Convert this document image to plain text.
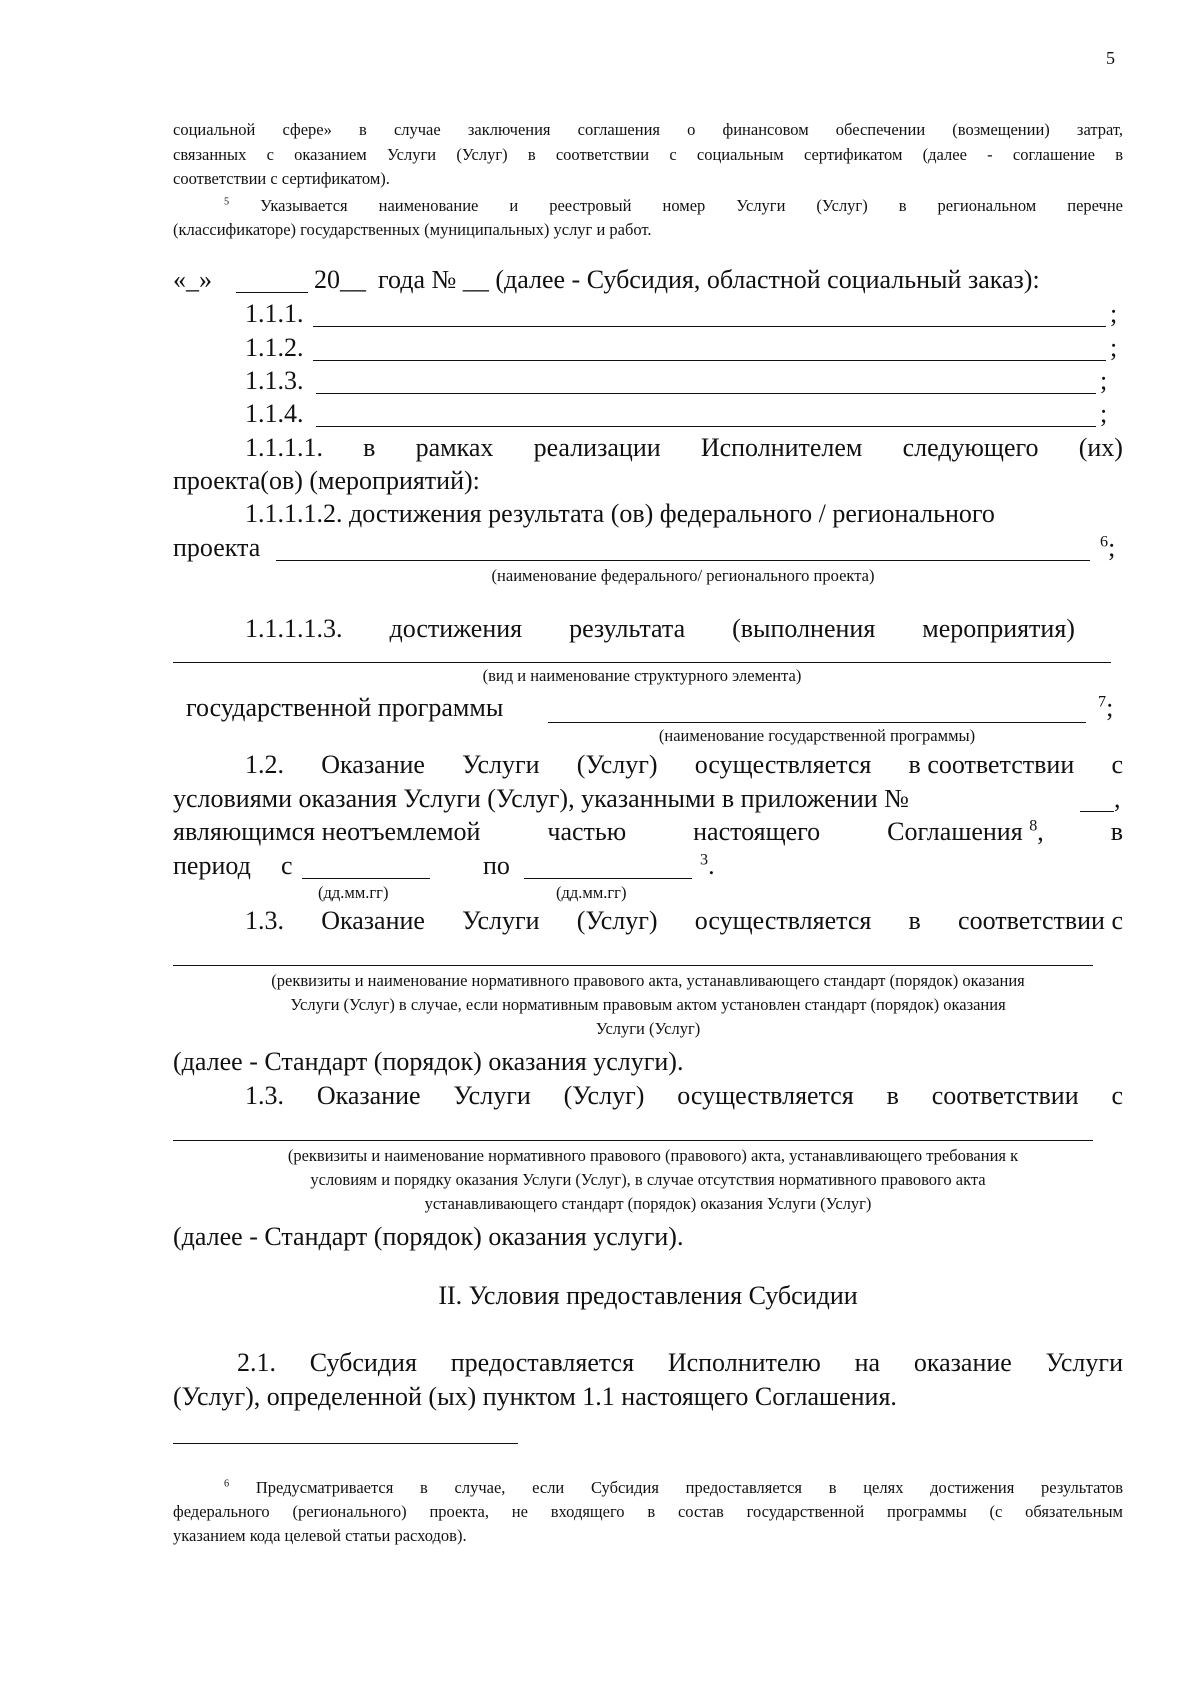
5
социальной сфере» в случае заключения соглашения о финансовом обеспечении (возмещении) затрат,
связанных с оказанием Услуги (Услуг) в соответствии с социальным сертификатом (далее - соглашение в
соответствии с сертификатом).
$^5$ Указывается наименование и реестровый номер Услуги (Услуг) в региональном перечне
(классификаторе) государственных (муниципальных) услуг и работ.
«_»	20__ года № __ (далее - Субсидия, областной социальный заказ):
1.1.1.	;
1.1.2.	;
1.1.3.	;
1.1.4.	;
1.1.1.1. в рамках реализации Исполнителем следующего (их)
проекта(ов) (мероприятий):
1.1.1.1.2. достижения результата (ов) федерального / регионального
проекта	$^6$;
(наименование федерального/ регионального проекта)
1.1.1.1.3. достижения результата (выполнения мероприятия)
(вид и наименование структурного элемента)
государственной программы	$^7$;
(наименование государственной программы)
1.2. Оказание Услуги (Услуг) осуществляется в соответствии с
условиями оказания Услуги (Услуг), указанными в приложении №	,
являющимся неотъемлемой	частью	настоящего	Соглашения $^8$,	в
период с	по	$^3$.
(дд.мм.гг)	(дд.мм.гг)
1.3. Оказание Услуги (Услуг) осуществляется в соответствии с
(реквизиты и наименование нормативного правового акта, устанавливающего стандарт (порядок) оказания
Услуги (Услуг) в случае, если нормативным правовым актом установлен стандарт (порядок) оказания
Услуги (Услуг)
(далее - Стандарт (порядок) оказания услуги).
1.3. Оказание Услуги (Услуг) осуществляется в соответствии с
(реквизиты и наименование нормативного правового (правового) акта, устанавливающего требования к
условиям и порядку оказания Услуги (Услуг), в случае отсутствия нормативного правового акта
устанавливающего стандарт (порядок) оказания Услуги (Услуг)
(далее - Стандарт (порядок) оказания услуги).
II. Условия предоставления Субсидии
2.1. Субсидия предоставляется Исполнителю на оказание Услуги
(Услуг), определенной (ых) пунктом 1.1 настоящего Соглашения.
$^6$ Предусматривается в случае, если Субсидия предоставляется в целях достижения результатов
федерального (регионального) проекта, не входящего в состав государственной программы (с обязательным
указанием кода целевой статьи расходов).
